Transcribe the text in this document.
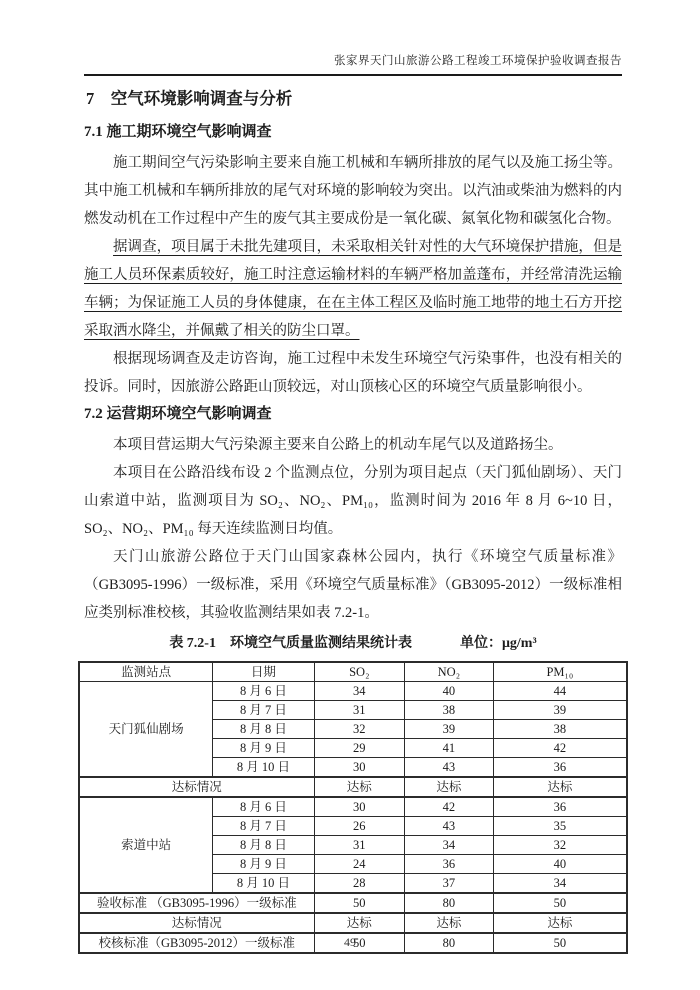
张家界天门山旅游公路工程竣工环境保护验收调查报告
7　空气环境影响调查与分析
7.1 施工期环境空气影响调查

施工期间空气污染影响主要来自施工机械和车辆所排放的尾气以及施工扬尘等。其中施工机械和车辆所排放的尾气对环境的影响较为突出。以汽油或柴油为燃料的内燃发动机在工作过程中产生的废气其主要成份是一氧化碳、氮氧化物和碳氢化合物。

据调查，项目属于未批先建项目，未采取相关针对性的大气环境保护措施，但是施工人员环保素质较好，施工时注意运输材料的车辆严格加盖蓬布，并经常清洗运输车辆；为保证施工人员的身体健康，在在主体工程区及临时施工地带的地土石方开挖采取洒水降尘，并佩戴了相关的防尘口罩。

根据现场调查及走访咨询，施工过程中未发生环境空气污染事件，也没有相关的投诉。同时，因旅游公路距山顶较远，对山顶核心区的环境空气质量影响很小。

7.2 运营期环境空气影响调查

本项目营运期大气污染源主要来自公路上的机动车尾气以及道路扬尘。

本项目在公路沿线布设 2 个监测点位，分别为项目起点（天门狐仙剧场）、天门山索道中站，监测项目为 SO₂、NO₂、PM₁₀，监测时间为 2016 年 8 月 6~10 日，SO₂、NO₂、PM₁₀ 每天连续监测日均值。

天门山旅游公路位于天门山国家森林公园内，执行《环境空气质量标准》（GB3095-1996）一级标准，采用《环境空气质量标准》（GB3095-2012）一级标准相应类别标准校核，其验收监测结果如表 7.2-1。

表 7.2-1　环境空气质量监测结果统计表	单位：μg/m³
监测站点	日期	SO₂	NO₂	PM₁₀
天门狐仙剧场	8 月 6 日	34	40	44
	8 月 7 日	31	38	39
	8 月 8 日	32	39	38
	8 月 9 日	29	41	42
	8 月 10 日	30	43	36
达标情况		达标	达标	达标
索道中站	8 月 6 日	30	42	36
	8 月 7 日	26	43	35
	8 月 8 日	31	34	32
	8 月 9 日	24	36	40
	8 月 10 日	28	37	34
验收标准 （GB3095-1996）一级标准		50	80	50
达标情况		达标	达标	达标
校核标准（GB3095-2012）一级标准		50	80	50
49
